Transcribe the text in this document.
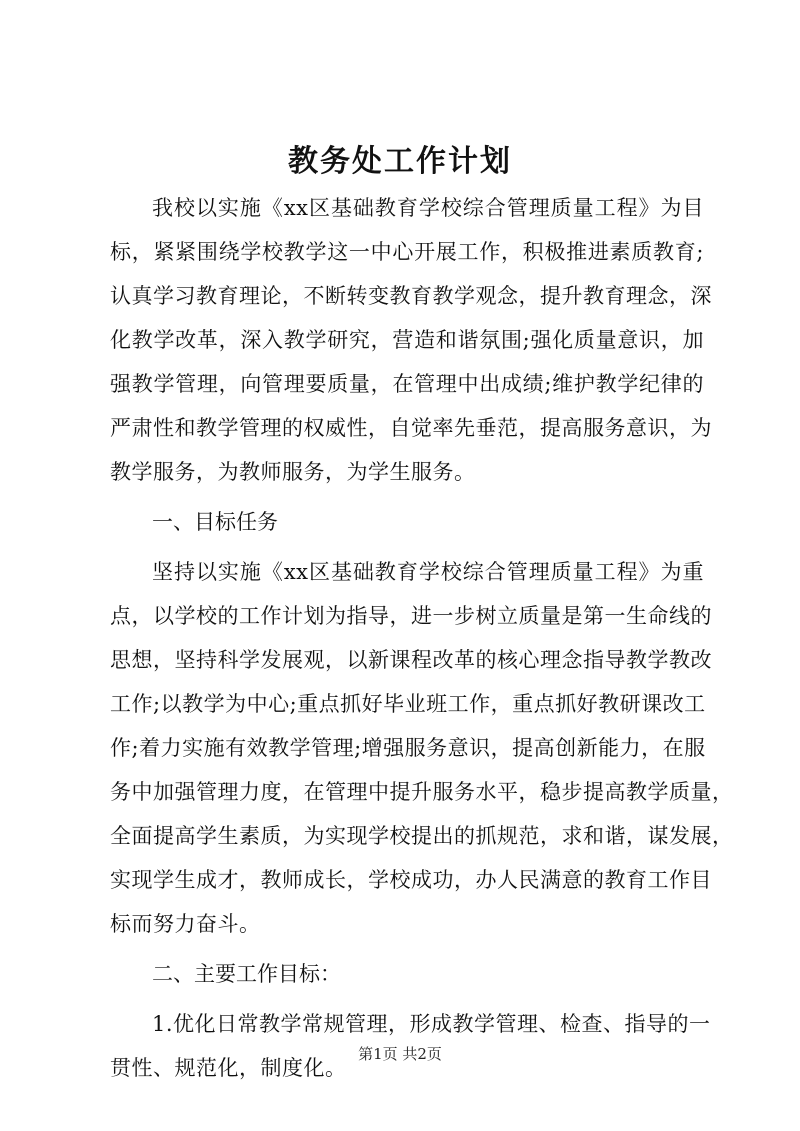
教务处工作计划
我校以实施《xx区基础教育学校综合管理质量工程》为目
标，紧紧围绕学校教学这一中心开展工作，积极推进素质教育;
认真学习教育理论，不断转变教育教学观念，提升教育理念，深
化教学改革，深入教学研究，营造和谐氛围;强化质量意识，加
强教学管理，向管理要质量，在管理中出成绩;维护教学纪律的
严肃性和教学管理的权威性，自觉率先垂范，提高服务意识，为
教学服务，为教师服务，为学生服务。
一、目标任务
坚持以实施《xx区基础教育学校综合管理质量工程》为重
点，以学校的工作计划为指导，进一步树立质量是第一生命线的
思想，坚持科学发展观，以新课程改革的核心理念指导教学教改
工作;以教学为中心;重点抓好毕业班工作，重点抓好教研课改工
作;着力实施有效教学管理;增强服务意识，提高创新能力，在服
务中加强管理力度，在管理中提升服务水平，稳步提高教学质量，
全面提高学生素质，为实现学校提出的抓规范，求和谐，谋发展，
实现学生成才，教师成长，学校成功，办人民满意的教育工作目
标而努力奋斗。
二、主要工作目标：
1.优化日常教学常规管理，形成教学管理、检查、指导的一
贯性、规范化，制度化。
第1页 共2页
